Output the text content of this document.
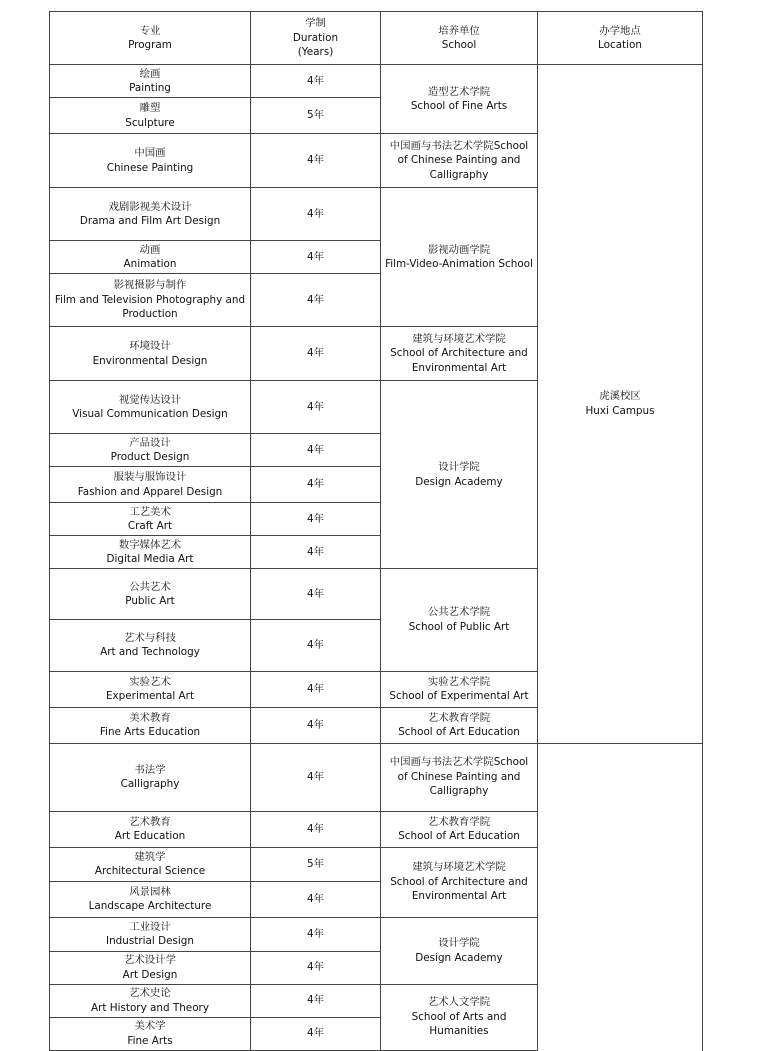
专业
Program	学制
Duration
(Years)	培养单位
School	办学地点
Location	

绘画
Painting	4年	造型艺术学院
School of Fine Arts	虎溪校区
Huxi Campus	

雕塑
Sculpture	5年			

中国画
Chinese Painting	4年	中国画与书法艺术学院School of Chinese Painting and Calligraphy		

戏剧影视美术设计
Drama and Film Art Design	4年	影视动画学院
Film-Video-Animation School		

动画
Animation	4年			

影视摄影与制作
Film and Television Photography and Production	4年			

环境设计
Environmental Design	4年	建筑与环境艺术学院
School of Architecture and Environmental Art		

视觉传达设计
Visual Communication Design	4年	设计学院
Design Academy		

产品设计
Product Design	4年			

服装与服饰设计
Fashion and Apparel Design	4年			

工艺美术
Craft Art	4年			

数字媒体艺术
Digital Media Art	4年			

公共艺术
Public Art	4年	公共艺术学院
School of Public Art

艺术与科技
Art and Technology	4年			

实验艺术
Experimental Art	4年	实验艺术学院
School of Experimental Art

美术教育
Fine Arts Education	4年	艺术教育学院
School of Art Education		

书法学
Calligraphy	4年	中国画与书法艺术学院School of Chinese Painting and Calligraphy		

艺术教育
Art Education	4年	艺术教育学院
School of Art Education		

建筑学
Architectural Science	5年	建筑与环境艺术学院
School of Architecture and Environmental Art		

风景园林
Landscape Architecture	4年			

工业设计
Industrial Design	4年	设计学院
Design Academy		

艺术设计学
Art Design	4年			

艺术史论
Art History and Theory	4年	艺术人文学院
School of Arts and Humanities		

美术学
Fine Arts	4年			
